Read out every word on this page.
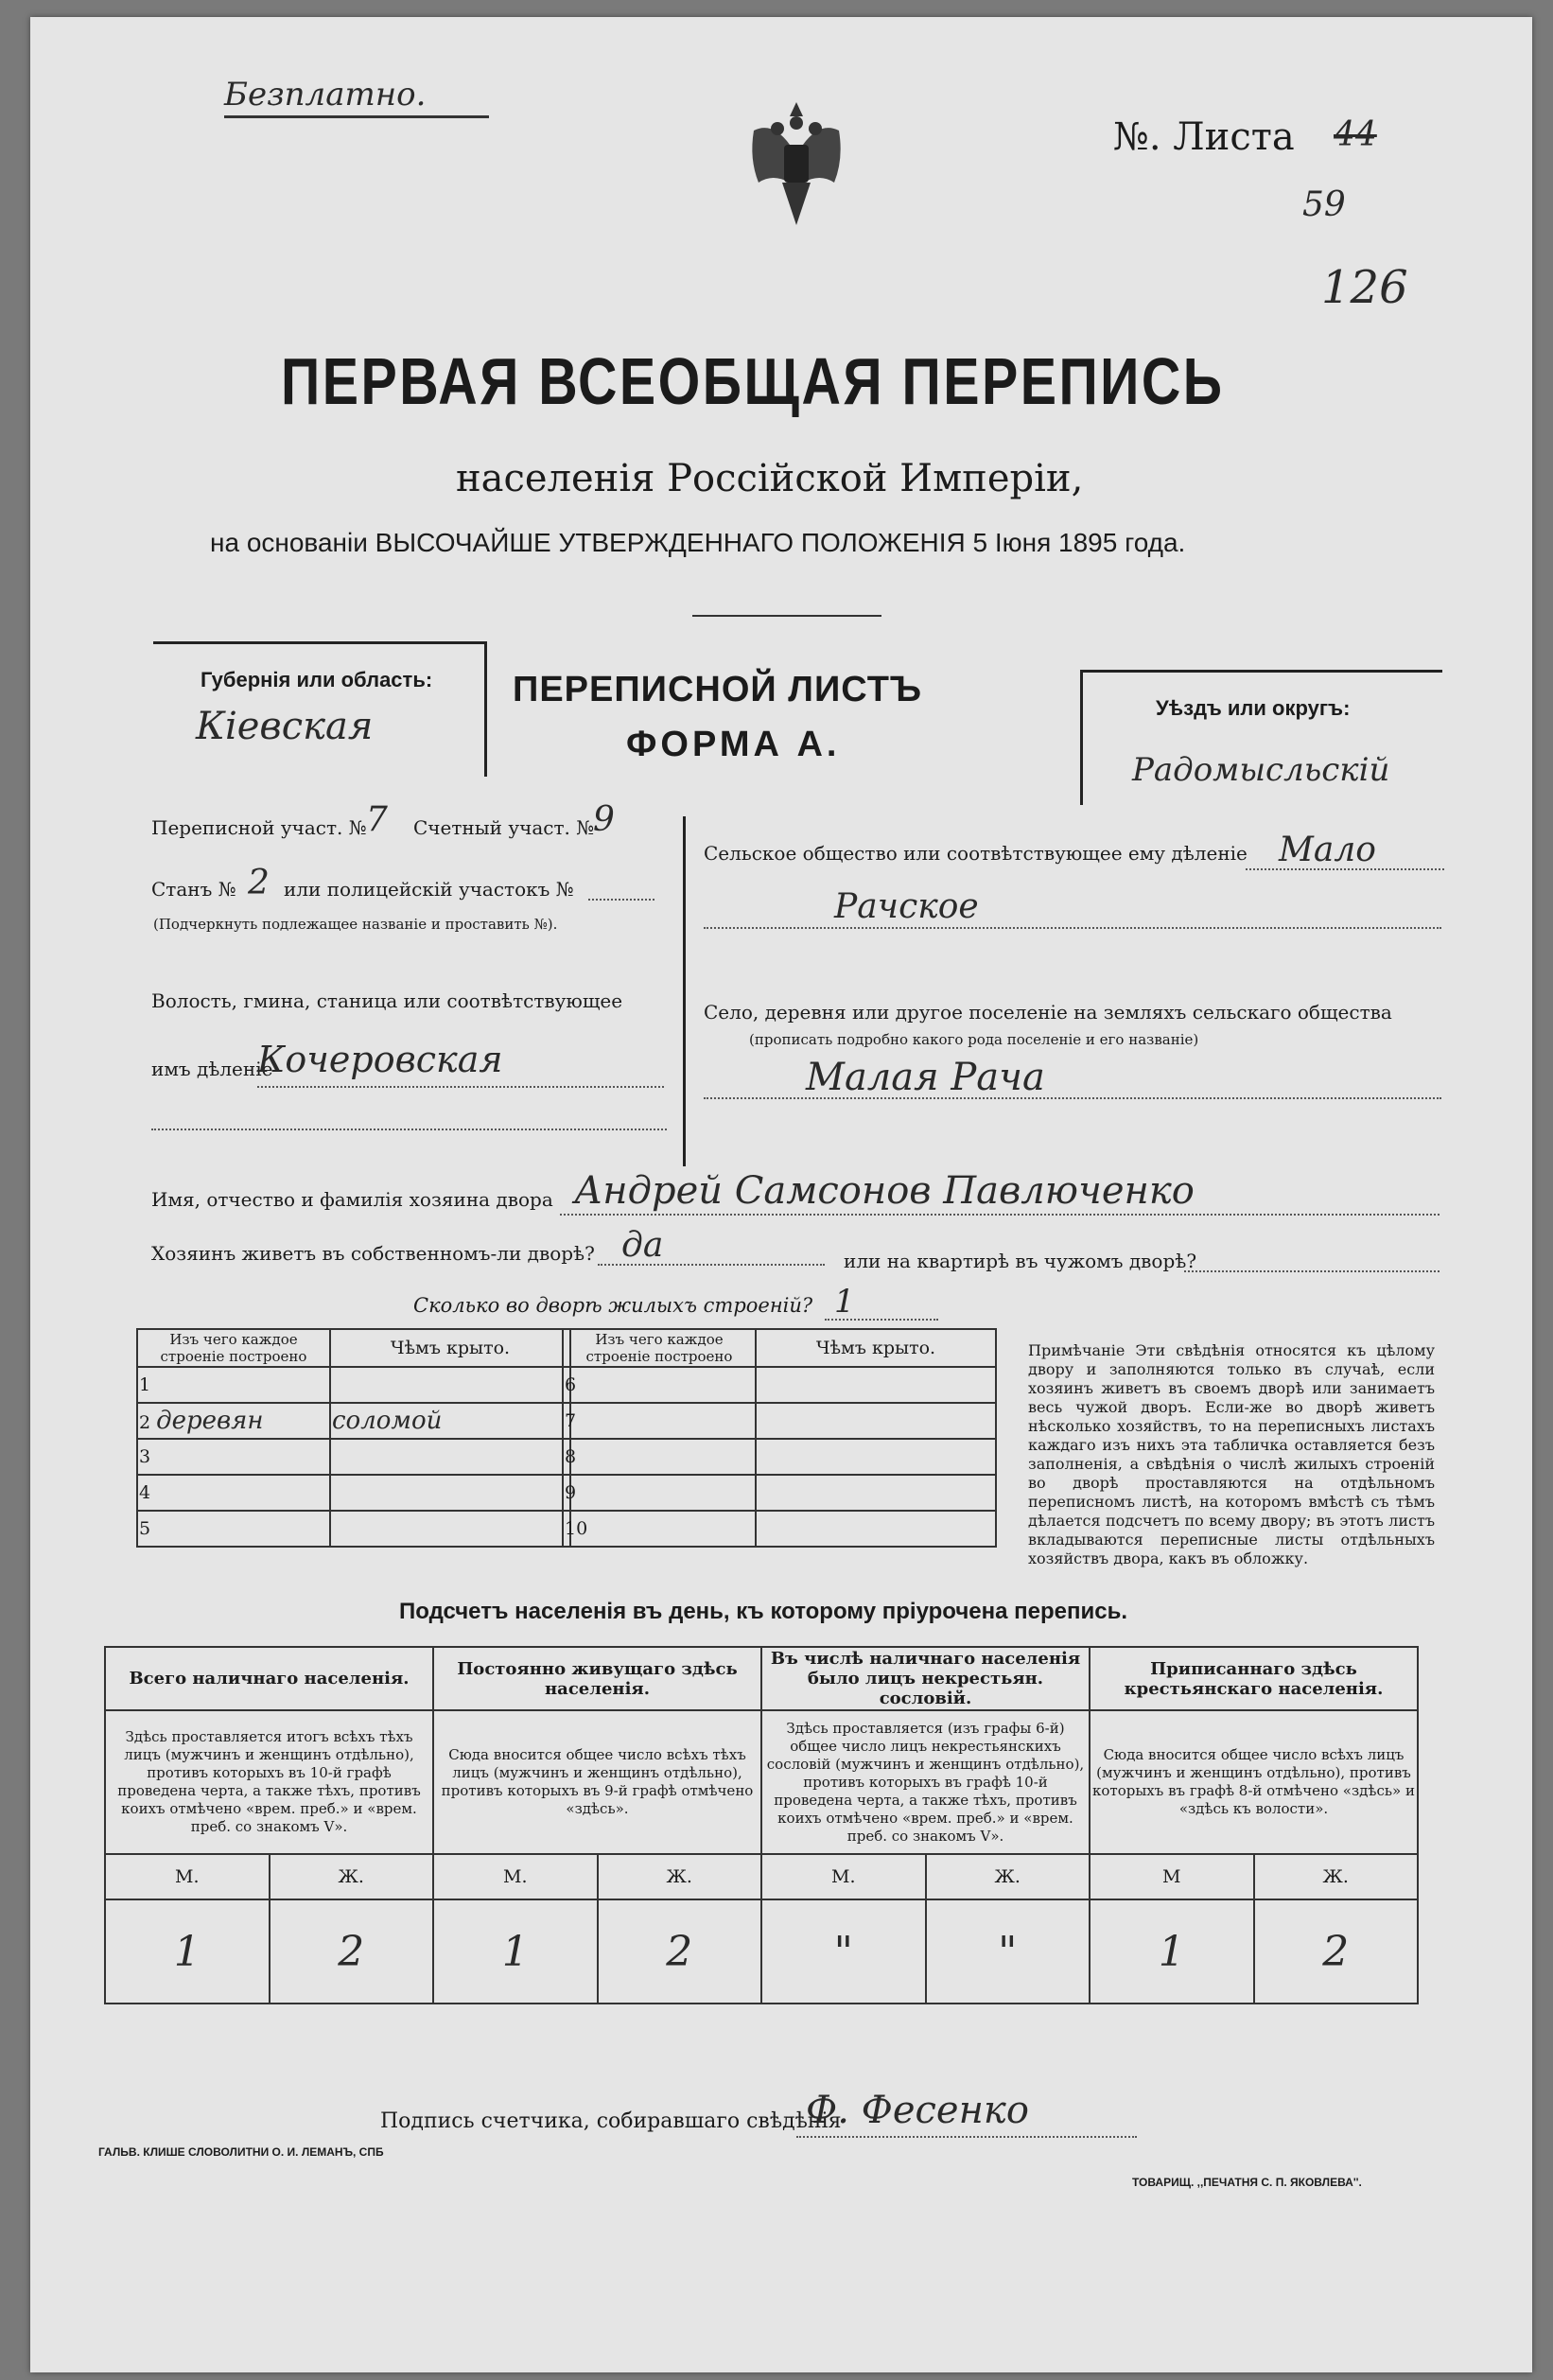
Безплатно.
№. Листа 44
59
126
ПЕРВАЯ ВСЕОБЩАЯ ПЕРЕПИСЬ
населенія Россійской Имперіи,
на основаніи ВЫСОЧАЙШЕ УТВЕРЖДЕННАГО ПОЛОЖЕНІЯ 5 Іюня 1895 года.
Губернія или область:
Кіевская
ПЕРЕПИСНОЙ ЛИСТЪ
ФОРМА А.
Уѣздъ или округъ:
Радомысльскій
Переписной участ. № 7 Счетный участ. №
9
Станъ № 2 или полицейскій участокъ №
(Подчеркнуть подлежащее названіе и проставить №).
Волость, гмина, станица или соотвѣтствующее
имъ дѣленіе
Кочеровская
Сельское общество или соотвѣтствующее ему дѣленіе Мало
Рачское
Село, деревня или другое поселеніе на земляхъ сельскаго общества
(прописать подробно какого рода поселеніе и его названіе)
Малая Рача
Имя, отчество и фамилія хозяина двора Андрей Самсонов Павлюченко
Хозяинъ живетъ въ собственномъ-ли дворѣ? да	или на квартирѣ въ чужомъ дворѣ?
Сколько во дворѣ жилыхъ строеній? 1
Изъ чего каждое строеніе построено	Чѣмъ крыто.
1	
2 деревян	соломой
3	
4	
5	
Изъ чего каждое строеніе построено	Чѣмъ крыто.
6	
7	
8	
9	
10	
Примѣчаніе Эти свѣдѣнія относятся къ цѣлому двору и заполняются только въ случаѣ, если хозяинъ живетъ въ своемъ дворѣ или занимаетъ весь чужой дворъ. Если-же во дворѣ живетъ нѣсколько хозяйствъ, то на переписныхъ листахъ каждаго изъ нихъ эта табличка оставляется безъ заполненія, а свѣдѣнія о числѣ жилыхъ строеній во дворѣ проставляются на отдѣльномъ переписномъ листѣ, на которомъ вмѣстѣ съ тѣмъ дѣлается подсчетъ по всему двору; въ этотъ листъ вкладываются переписные листы отдѣльныхъ хозяйствъ двора, какъ въ обложку.
Подсчетъ населенія въ день, къ которому пріурочена перепись.
Всего наличнаго населенія.		Постоянно живущаго здѣсь населенія.		Въ числѣ наличнаго населенія было лицъ некрестьян. сословій.		Приписаннаго здѣсь крестьянскаго населенія.	
Здѣсь проставляется итогъ всѣхъ тѣхъ лицъ (мужчинъ и женщинъ отдѣльно), противъ которыхъ въ 10-й графѣ проведена черта, а также тѣхъ, противъ коихъ отмѣчено «врем. преб.» и «врем. преб. со знакомъ V».		Сюда вносится общее число всѣхъ тѣхъ лицъ (мужчинъ и женщинъ отдѣльно), противъ которыхъ въ 9-й графѣ отмѣчено «здѣсь».		Здѣсь проставляется (изъ графы 6-й) общее число лицъ некрестьянскихъ сословій (мужчинъ и женщинъ отдѣльно), противъ которыхъ въ графѣ 10-й проведена черта, а также тѣхъ, противъ коихъ отмѣчено «врем. преб.» и «врем. преб. со знакомъ V».		Сюда вносится общее число всѣхъ лицъ (мужчинъ и женщинъ отдѣльно), противъ которыхъ въ графѣ 8-й отмѣчено «здѣсь» и «здѣсь къ волости».	
М.	Ж.	М.	Ж.	М.	Ж.	М	Ж.
1	2	1	2	"	"	1	2
Подпись счетчика, собиравшаго свѣдѣнія
Ф. Фесенко
ГАЛЬВ. КЛИШЕ СЛОВОЛИТНИ О. И. ЛЕМАНЪ, СПБ
ТОВАРИЩ. ,,ПЕЧАТНЯ С. П. ЯКОВЛЕВА''.
